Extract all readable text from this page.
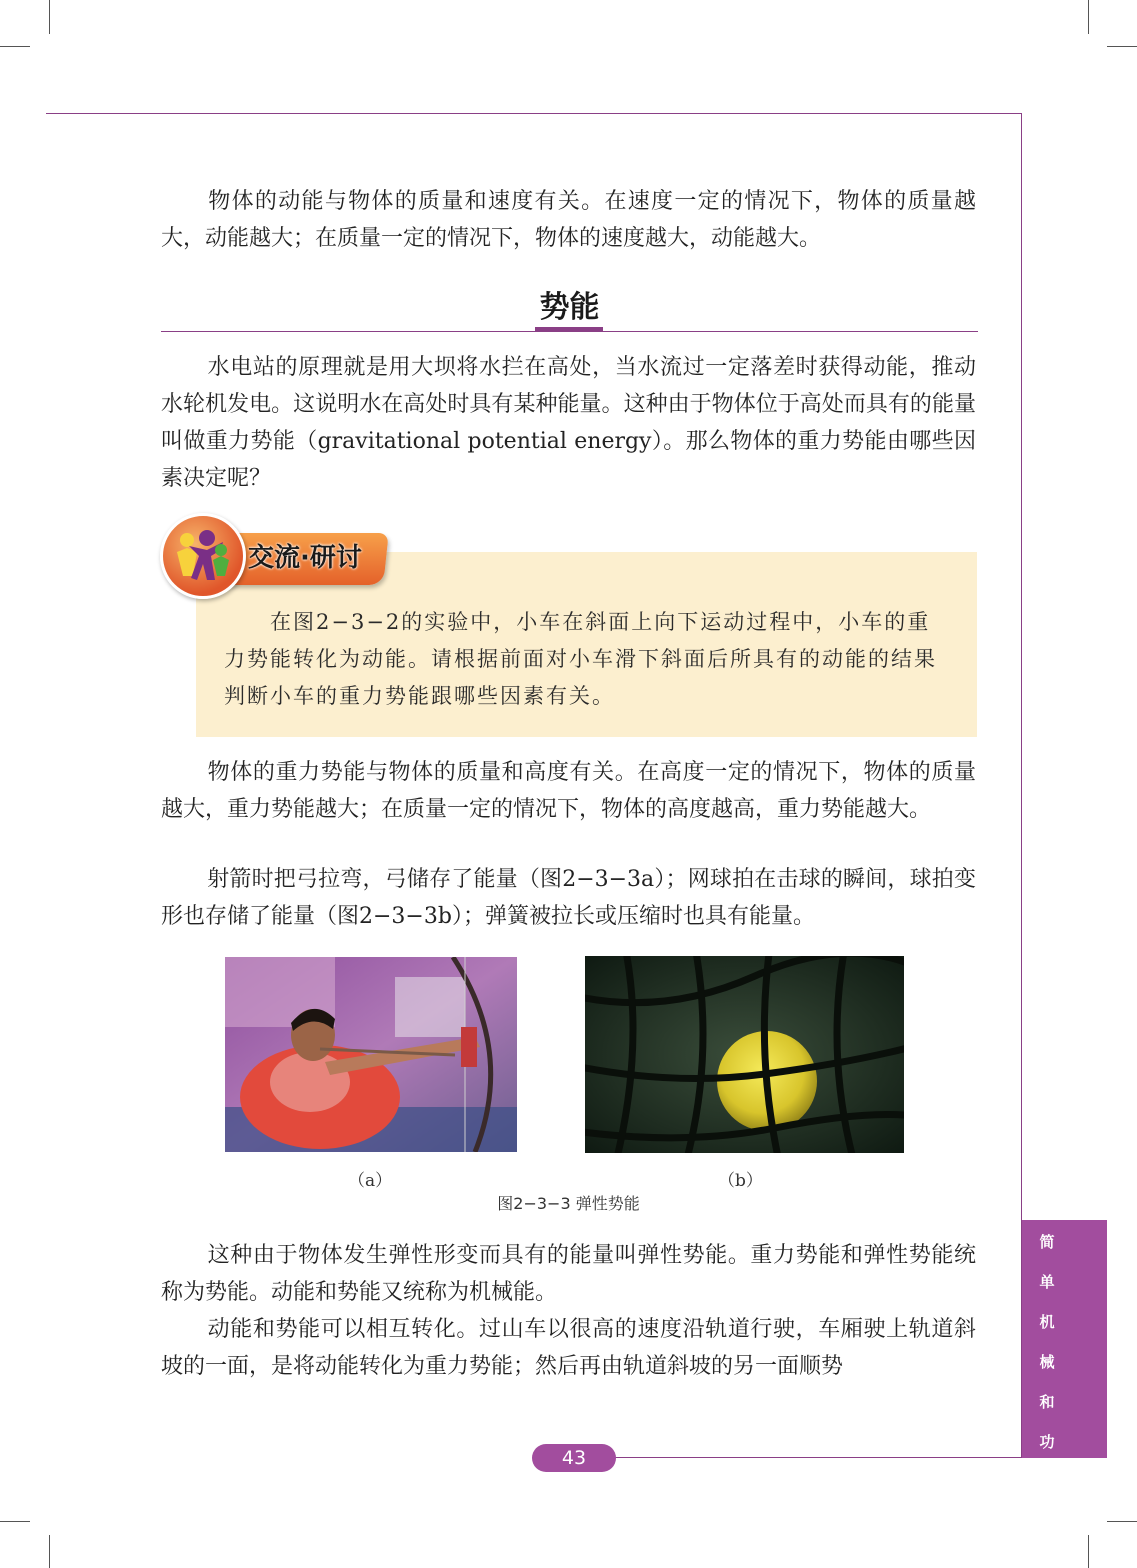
物体的动能与物体的质量和速度有关。在速度一定的情况下，物体的质量越大，动能越大；在质量一定的情况下，物体的速度越大，动能越大。

势能

水电站的原理就是用大坝将水拦在高处，当水流过一定落差时获得动能，推动水轮机发电。这说明水在高处时具有某种能量。这种由于物体位于高处而具有的能量叫做重力势能（gravitational potential energy）。那么物体的重力势能由哪些因素决定呢？

交流·研讨

在图2−3−2的实验中，小车在斜面上向下运动过程中，小车的重力势能转化为动能。请根据前面对小车滑下斜面后所具有的动能的结果判断小车的重力势能跟哪些因素有关。

物体的重力势能与物体的质量和高度有关。在高度一定的情况下，物体的质量越大，重力势能越大；在质量一定的情况下，物体的高度越高，重力势能越大。

射箭时把弓拉弯，弓储存了能量（图2−3−3a）；网球拍在击球的瞬间，球拍变形也存储了能量（图2−3−3b）；弹簧被拉长或压缩时也具有能量。

（a）	（b）
图2−3−3 弹性势能

这种由于物体发生弹性形变而具有的能量叫弹性势能。重力势能和弹性势能统称为势能。动能和势能又统称为机械能。

动能和势能可以相互转化。过山车以很高的速度沿轨道行驶，车厢驶上轨道斜坡的一面，是将动能转化为重力势能；然后再由轨道斜坡的另一面顺势

简
单
机
械
和
功
43
